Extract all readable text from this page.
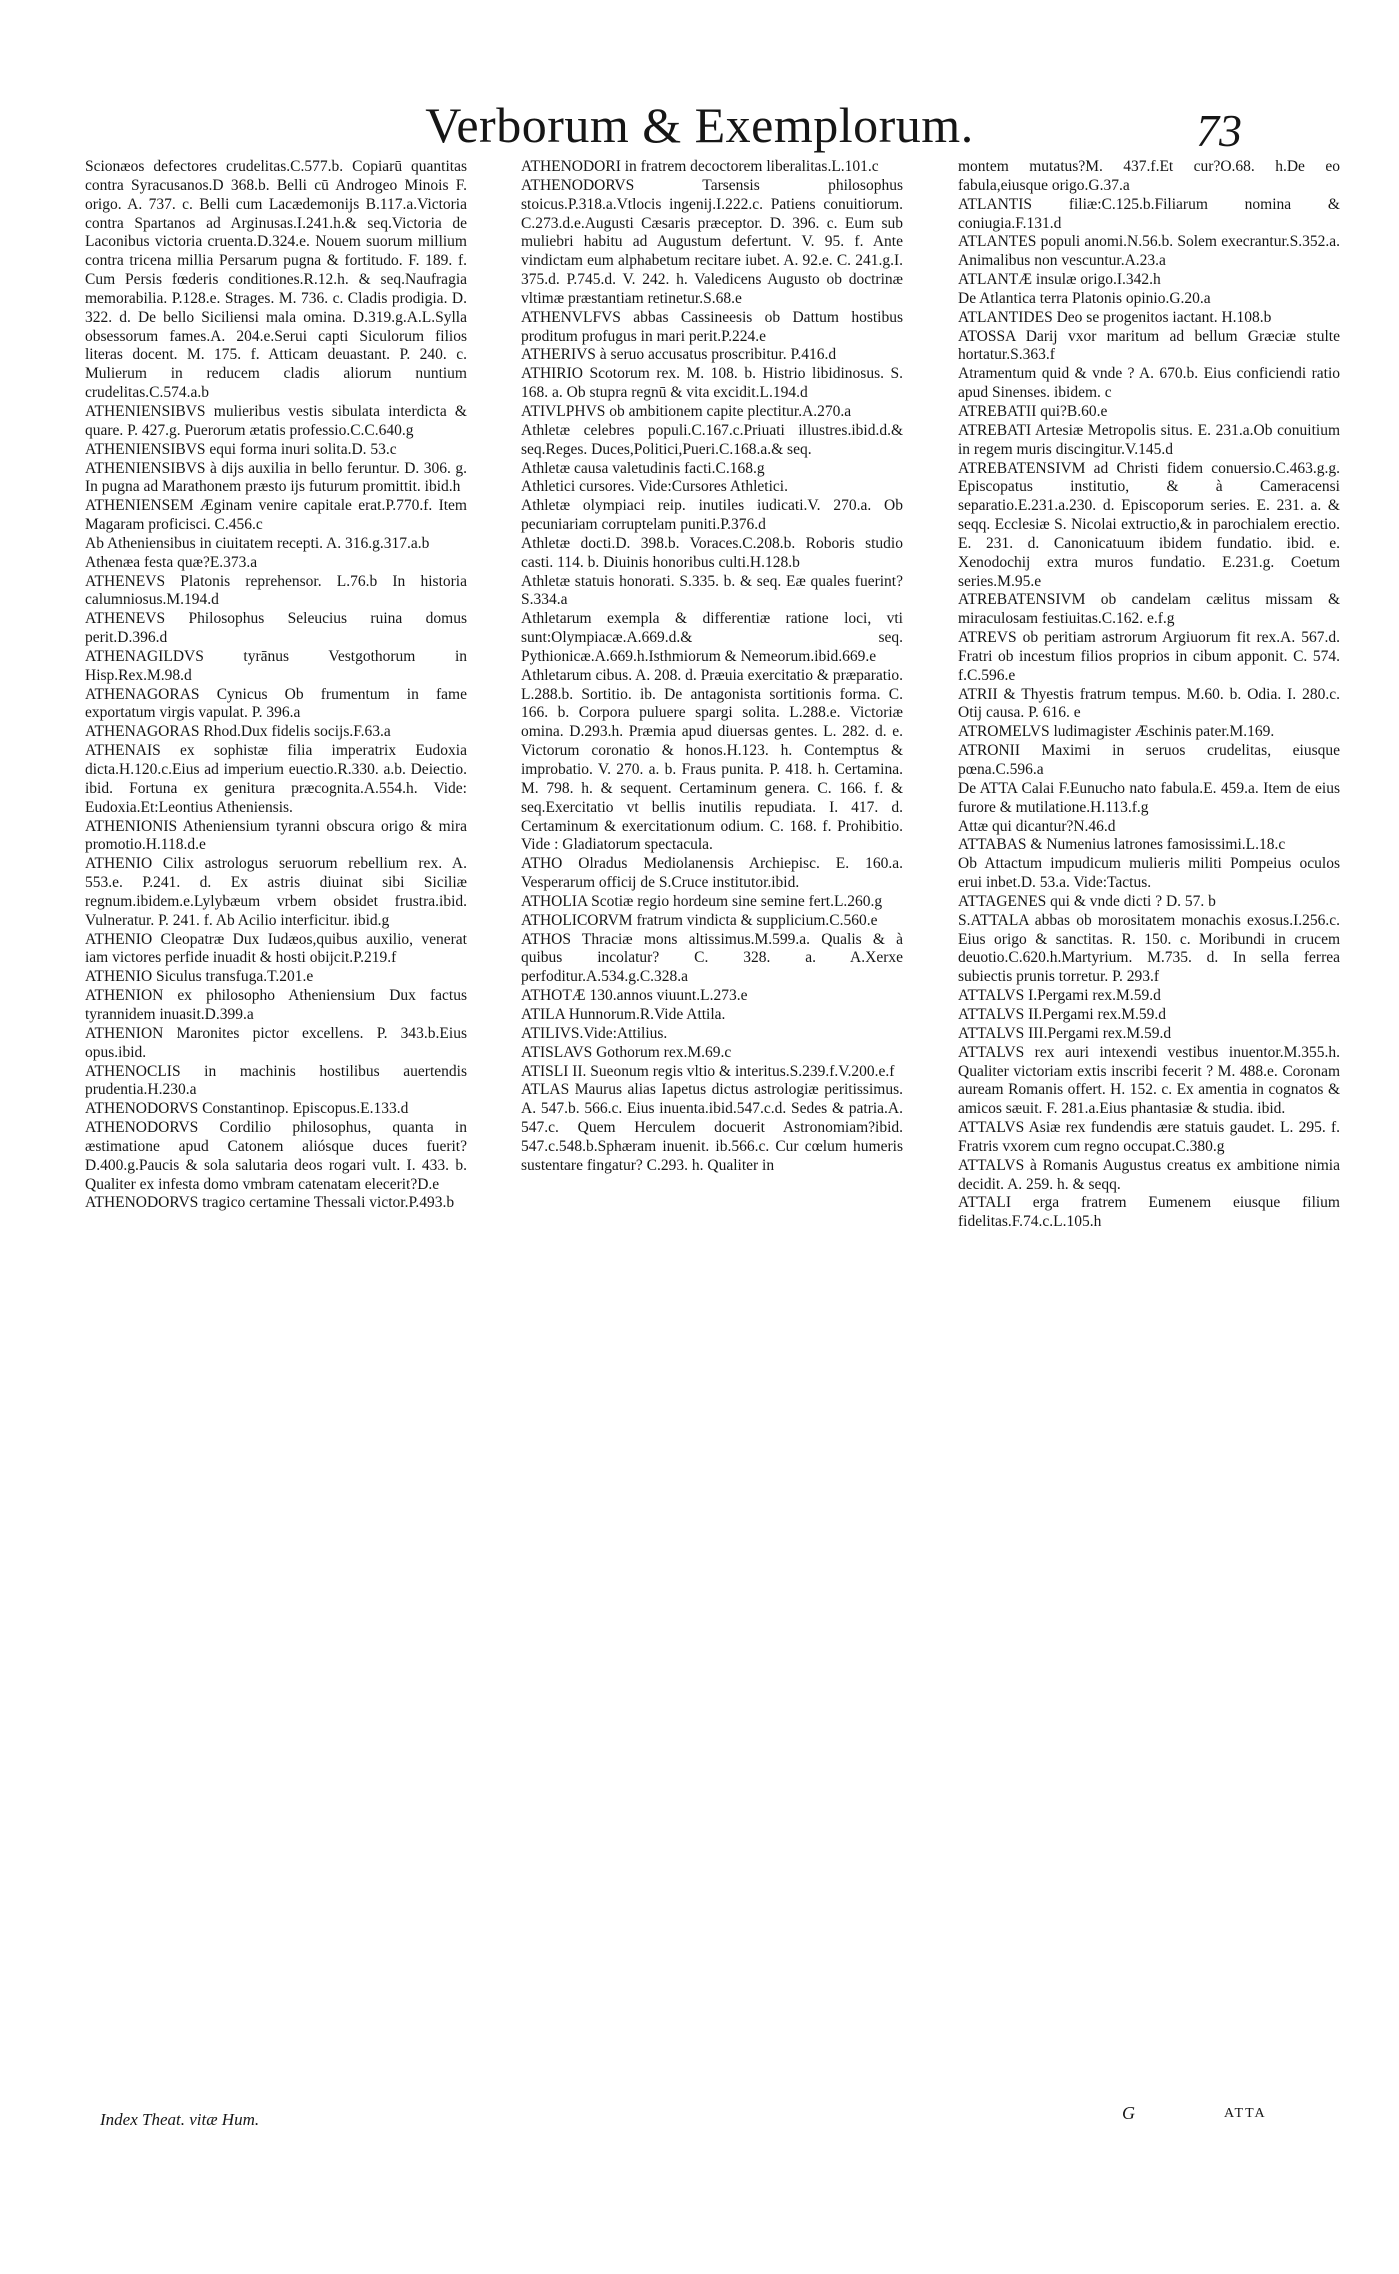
Verborum & Exemplorum.	73

Scionæos defectores crudelitas.C.577.b. Copiarū quantitas contra Syracusanos.D 368.b. Belli cū Androgeo Minois F. origo. A. 737. c. Belli cum Lacædemonijs B.117.a.Victoria contra Spartanos ad Arginusas.I.241.h.& seq.Victoria de Laconibus victoria cruenta.D.324.e. Nouem suorum millium contra tricena millia Persarum pugna & fortitudo. F. 189. f. Cum Persis fœderis conditiones.R.12.h. & seq.Naufragia memorabilia. P.128.e. Strages. M. 736. c. Cladis prodigia. D. 322. d. De bello Siciliensi mala omina. D.319.g.A.L.Sylla obsessorum fames.A. 204.e.Serui capti Siculorum filios literas docent. M. 175. f. Atticam deuastant. P. 240. c. Mulierum in reducem cladis aliorum nuntium crudelitas.C.574.a.b

ATHENIENSIBVS mulieribus vestis sibulata interdicta & quare. P. 427.g. Puerorum ætatis professio.C.C.640.g

ATHENIENSIBVS equi forma inuri solita.D. 53.c

ATHENIENSIBVS à dijs auxilia in bello feruntur. D. 306. g. In pugna ad Marathonem præsto ijs futurum promittit. ibid.h

ATHENIENSEM Æginam venire capitale erat.P.770.f. Item Magaram proficisci. C.456.c

Ab Atheniensibus in ciuitatem recepti. A. 316.g.317.a.b

Athenæa festa quæ?E.373.a

ATHENEVS Platonis reprehensor. L.76.b In historia calumniosus.M.194.d

ATHENEVS Philosophus Seleucius ruina domus perit.D.396.d

ATHENAGILDVS tyrānus Vestgothorum in Hisp.Rex.M.98.d

ATHENAGORAS Cynicus Ob frumentum in fame exportatum virgis vapulat. P. 396.a

ATHENAGORAS Rhod.Dux fidelis socijs.F.63.a

ATHENAIS ex sophistæ filia imperatrix Eudoxia dicta.H.120.c.Eius ad imperium euectio.R.330. a.b. Deiectio. ibid. Fortuna ex genitura præcognita.A.554.h. Vide: Eudoxia.Et:Leontius Atheniensis.

ATHENIONIS Atheniensium tyranni obscura origo & mira promotio.H.118.d.e

ATHENIO Cilix astrologus seruorum rebellium rex. A. 553.e. P.241. d. Ex astris diuinat sibi Siciliæ regnum.ibidem.e.Lylybæum vrbem obsidet frustra.ibid. Vulneratur. P. 241. f. Ab Acilio interficitur. ibid.g

ATHENIO Cleopatræ Dux Iudæos,quibus auxilio, venerat iam victores perfide inuadit & hosti obijcit.P.219.f

ATHENIO Siculus transfuga.T.201.e

ATHENION ex philosopho Atheniensium Dux factus tyrannidem inuasit.D.399.a

ATHENION Maronites pictor excellens. P. 343.b.Eius opus.ibid.

ATHENOCLIS in machinis hostilibus auertendis prudentia.H.230.a

ATHENODORVS Constantinop. Episcopus.E.133.d

ATHENODORVS Cordilio philosophus, quanta in æstimatione apud Catonem aliósque duces fuerit? D.400.g.Paucis & sola salutaria deos rogari vult. I. 433. b. Qualiter ex infesta domo vmbram catenatam elecerit?D.e

ATHENODORVS tragico certamine Thessali victor.P.493.b

ATHENODORI in fratrem decoctorem liberalitas.L.101.c

ATHENODORVS Tarsensis philosophus stoicus.P.318.a.Vtlocis ingenij.I.222.c. Patiens conuitiorum. C.273.d.e.Augusti Cæsaris præceptor. D. 396. c. Eum sub muliebri habitu ad Augustum defertunt. V. 95. f. Ante vindictam eum alphabetum recitare iubet. A. 92.e. C. 241.g.I. 375.d. P.745.d. V. 242. h. Valedicens Augusto ob doctrinæ vltimæ præstantiam retinetur.S.68.e

ATHENVLFVS abbas Cassineesis ob Dattum hostibus proditum profugus in mari perit.P.224.e

ATHERIVS à seruo accusatus proscribitur. P.416.d

ATHIRIO Scotorum rex. M. 108. b. Histrio libidinosus. S. 168. a. Ob stupra regnū & vita excidit.L.194.d

ATIVLPHVS ob ambitionem capite plectitur.A.270.a

Athletæ celebres populi.C.167.c.Priuati illustres.ibid.d.& seq.Reges. Duces,Politici,Pueri.C.168.a.& seq.

Athletæ causa valetudinis facti.C.168.g

Athletici cursores. Vide:Cursores Athletici.

Athletæ olympiaci reip. inutiles iudicati.V. 270.a. Ob pecuniariam corruptelam puniti.P.376.d

Athletæ docti.D. 398.b. Voraces.C.208.b. Roboris studio casti. 114. b. Diuinis honoribus culti.H.128.b

Athletæ statuis honorati. S.335. b. & seq. Eæ quales fuerint?S.334.a

Athletarum exempla & differentiæ ratione loci, vti sunt:Olympiacæ.A.669.d.& seq. Pythionicæ.A.669.h.Isthmiorum & Nemeorum.ibid.669.e

Athletarum cibus. A. 208. d. Præuia exercitatio & præparatio. L.288.b. Sortitio. ib. De antagonista sortitionis forma. C. 166. b. Corpora puluere spargi solita. L.288.e. Victoriæ omina. D.293.h. Præmia apud diuersas gentes. L. 282. d. e. Victorum coronatio & honos.H.123. h. Contemptus & improbatio. V. 270. a. b. Fraus punita. P. 418. h. Certamina. M. 798. h. & sequent. Certaminum genera. C. 166. f. & seq.Exercitatio vt bellis inutilis repudiata. I. 417. d. Certaminum & exercitationum odium. C. 168. f. Prohibitio. Vide : Gladiatorum spectacula.

ATHO Olradus Mediolanensis Archiepisc. E. 160.a. Vesperarum officij de S.Cruce institutor.ibid.

ATHOLIA Scotiæ regio hordeum sine semine fert.L.260.g

ATHOLICORVM fratrum vindicta & supplicium.C.560.e

ATHOS Thraciæ mons altissimus.M.599.a. Qualis & à quibus incolatur? C. 328. a. A.Xerxe perfoditur.A.534.g.C.328.a

ATHOTÆ 130.annos viuunt.L.273.e

ATILA Hunnorum.R.Vide Attila.

ATILIVS.Vide:Attilius.

ATISLAVS Gothorum rex.M.69.c

ATISLI II. Sueonum regis vltio & interitus.S.239.f.V.200.e.f

ATLAS Maurus alias Iapetus dictus astrologiæ peritissimus. A. 547.b. 566.c. Eius inuenta.ibid.547.c.d. Sedes & patria.A. 547.c. Quem Herculem docuerit Astronomiam?ibid. 547.c.548.b.Sphæram inuenit. ib.566.c. Cur cœlum humeris sustentare fingatur? C.293. h. Qualiter in

montem mutatus?M. 437.f.Et cur?O.68. h.De eo fabula,eiusque origo.G.37.a

ATLANTIS filiæ:C.125.b.Filiarum nomina & coniugia.F.131.d

ATLANTES populi anomi.N.56.b. Solem execrantur.S.352.a. Animalibus non vescuntur.A.23.a

ATLANTÆ insulæ origo.I.342.h

De Atlantica terra Platonis opinio.G.20.a

ATLANTIDES Deo se progenitos iactant. H.108.b

ATOSSA Darij vxor maritum ad bellum Græciæ stulte hortatur.S.363.f

Atramentum quid & vnde ? A. 670.b. Eius conficiendi ratio apud Sinenses. ibidem. c

ATREBATII qui?B.60.e

ATREBATI Artesiæ Metropolis situs. E. 231.a.Ob conuitium in regem muris discingitur.V.145.d

ATREBATENSIVM ad Christi fidem conuersio.C.463.g.g. Episcopatus institutio, & à Cameracensi separatio.E.231.a.230. d. Episcoporum series. E. 231. a. & seqq. Ecclesiæ S. Nicolai extructio,& in parochialem erectio. E. 231. d. Canonicatuum ibidem fundatio. ibid. e. Xenodochij extra muros fundatio. E.231.g. Coetum series.M.95.e

ATREBATENSIVM ob candelam cælitus missam & miraculosam festiuitas.C.162. e.f.g

ATREVS ob peritiam astrorum Argiuorum fit rex.A. 567.d. Fratri ob incestum filios proprios in cibum apponit. C. 574. f.C.596.e

ATRII & Thyestis fratrum tempus. M.60. b. Odia. I. 280.c. Otij causa. P. 616. e

ATROMELVS ludimagister Æschinis pater.M.169.

ATRONII Maximi in seruos crudelitas, eiusque pœna.C.596.a

De ATTA Calai F.Eunucho nato fabula.E. 459.a. Item de eius furore & mutilatione.H.113.f.g

Attæ qui dicantur?N.46.d

ATTABAS & Numenius latrones famosissimi.L.18.c

Ob Attactum impudicum mulieris militi Pompeius oculos erui inbet.D. 53.a. Vide:Tactus.

ATTAGENES qui & vnde dicti ? D. 57. b

S.ATTALA abbas ob morositatem monachis exosus.I.256.c. Eius origo & sanctitas. R. 150. c. Moribundi in crucem deuotio.C.620.h.Martyrium. M.735. d. In sella ferrea subiectis prunis torretur. P. 293.f

ATTALVS I.Pergami rex.M.59.d

ATTALVS II.Pergami rex.M.59.d

ATTALVS III.Pergami rex.M.59.d

ATTALVS rex auri intexendi vestibus inuentor.M.355.h. Qualiter victoriam extis inscribi fecerit ? M. 488.e. Coronam auream Romanis offert. H. 152. c. Ex amentia in cognatos & amicos sæuit. F. 281.a.Eius phantasiæ & studia. ibid.

ATTALVS Asiæ rex fundendis ære statuis gaudet. L. 295. f. Fratris vxorem cum regno occupat.C.380.g

ATTALVS à Romanis Augustus creatus ex ambitione nimia decidit. A. 259. h. & seqq.

ATTALI erga fratrem Eumenem eiusque filium fidelitas.F.74.c.L.105.h

Index Theat. vitæ Hum.	G	ATTA
